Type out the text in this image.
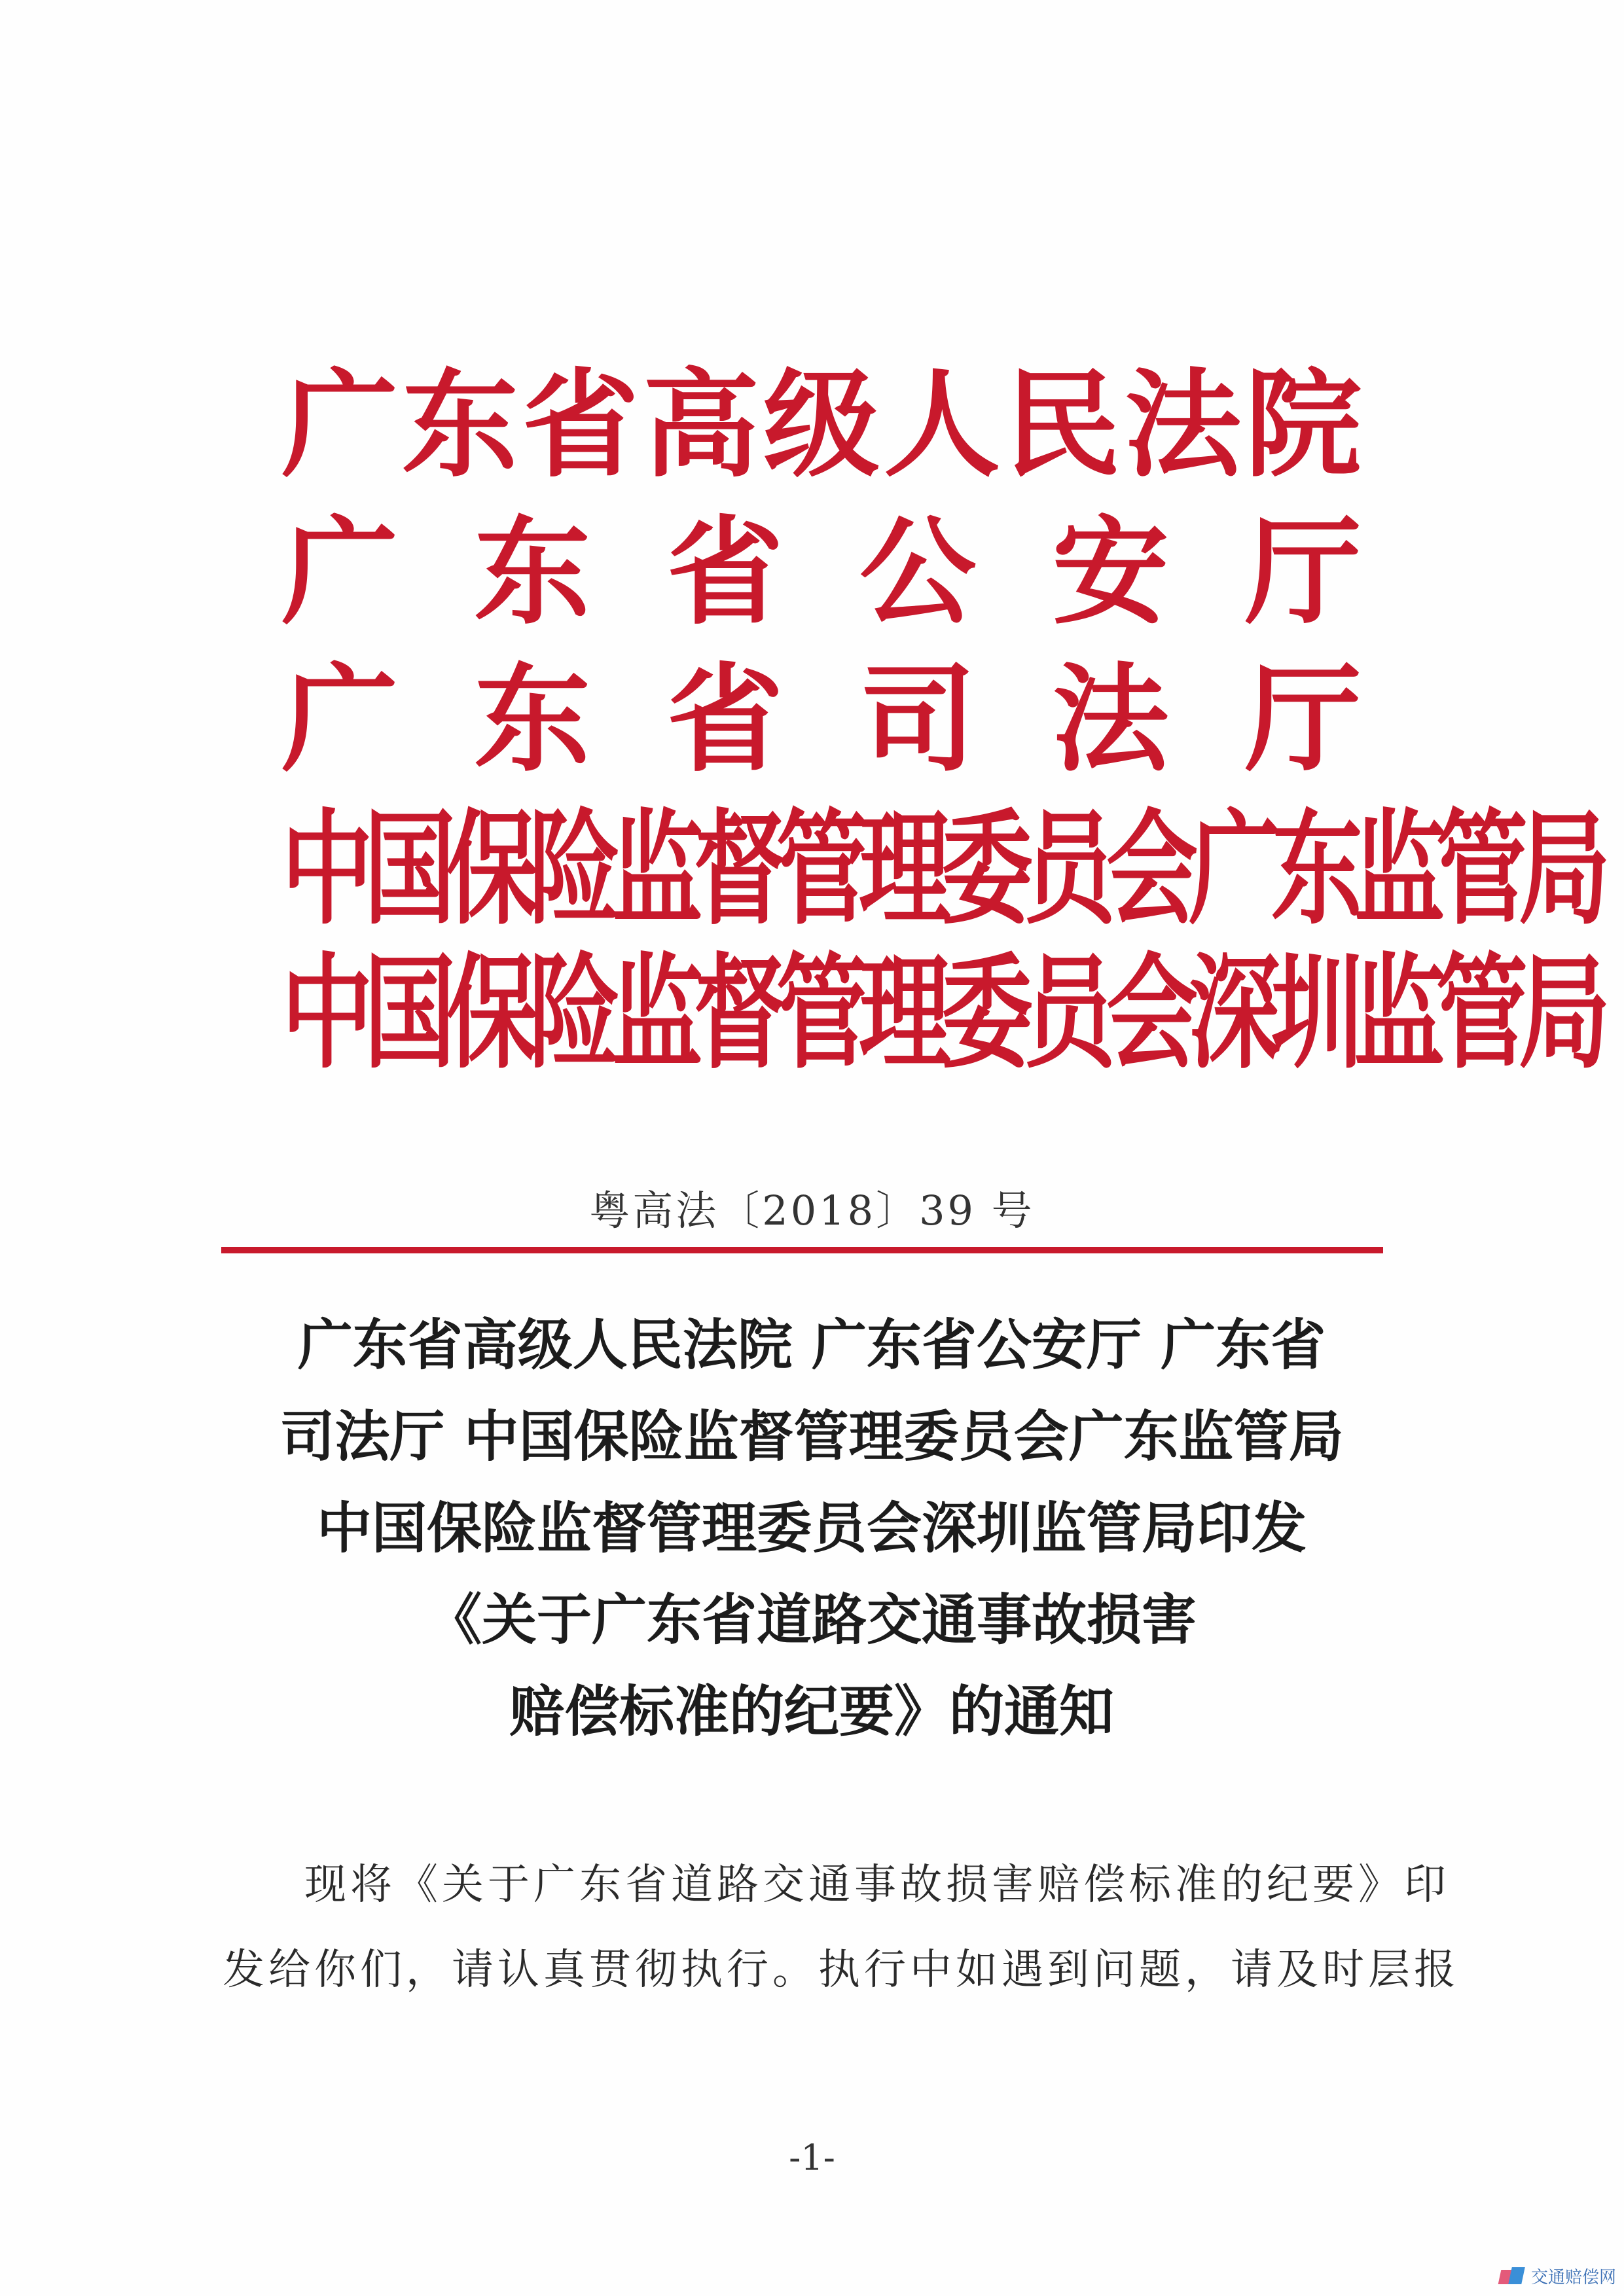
广 东 省 高 级 人 民 法 院
广 东 省 公 安 厅
广 东 省 司 法 厅
中国保险监督管理委员会广东监管局
中国保险监督管理委员会深圳监管局
粤高法〔2018〕39 号
广东省高级人民法院 广东省公安厅 广东省
司法厅 中国保险监督管理委员会广东监管局
中国保险监督管理委员会深圳监管局印发
《关于广东省道路交通事故损害
赔偿标准的纪要》的通知
现将《关于广东省道路交通事故损害赔偿标准的纪要》印
发给你们，请认真贯彻执行。执行中如遇到问题，请及时层报
-1-
交通赔偿网
